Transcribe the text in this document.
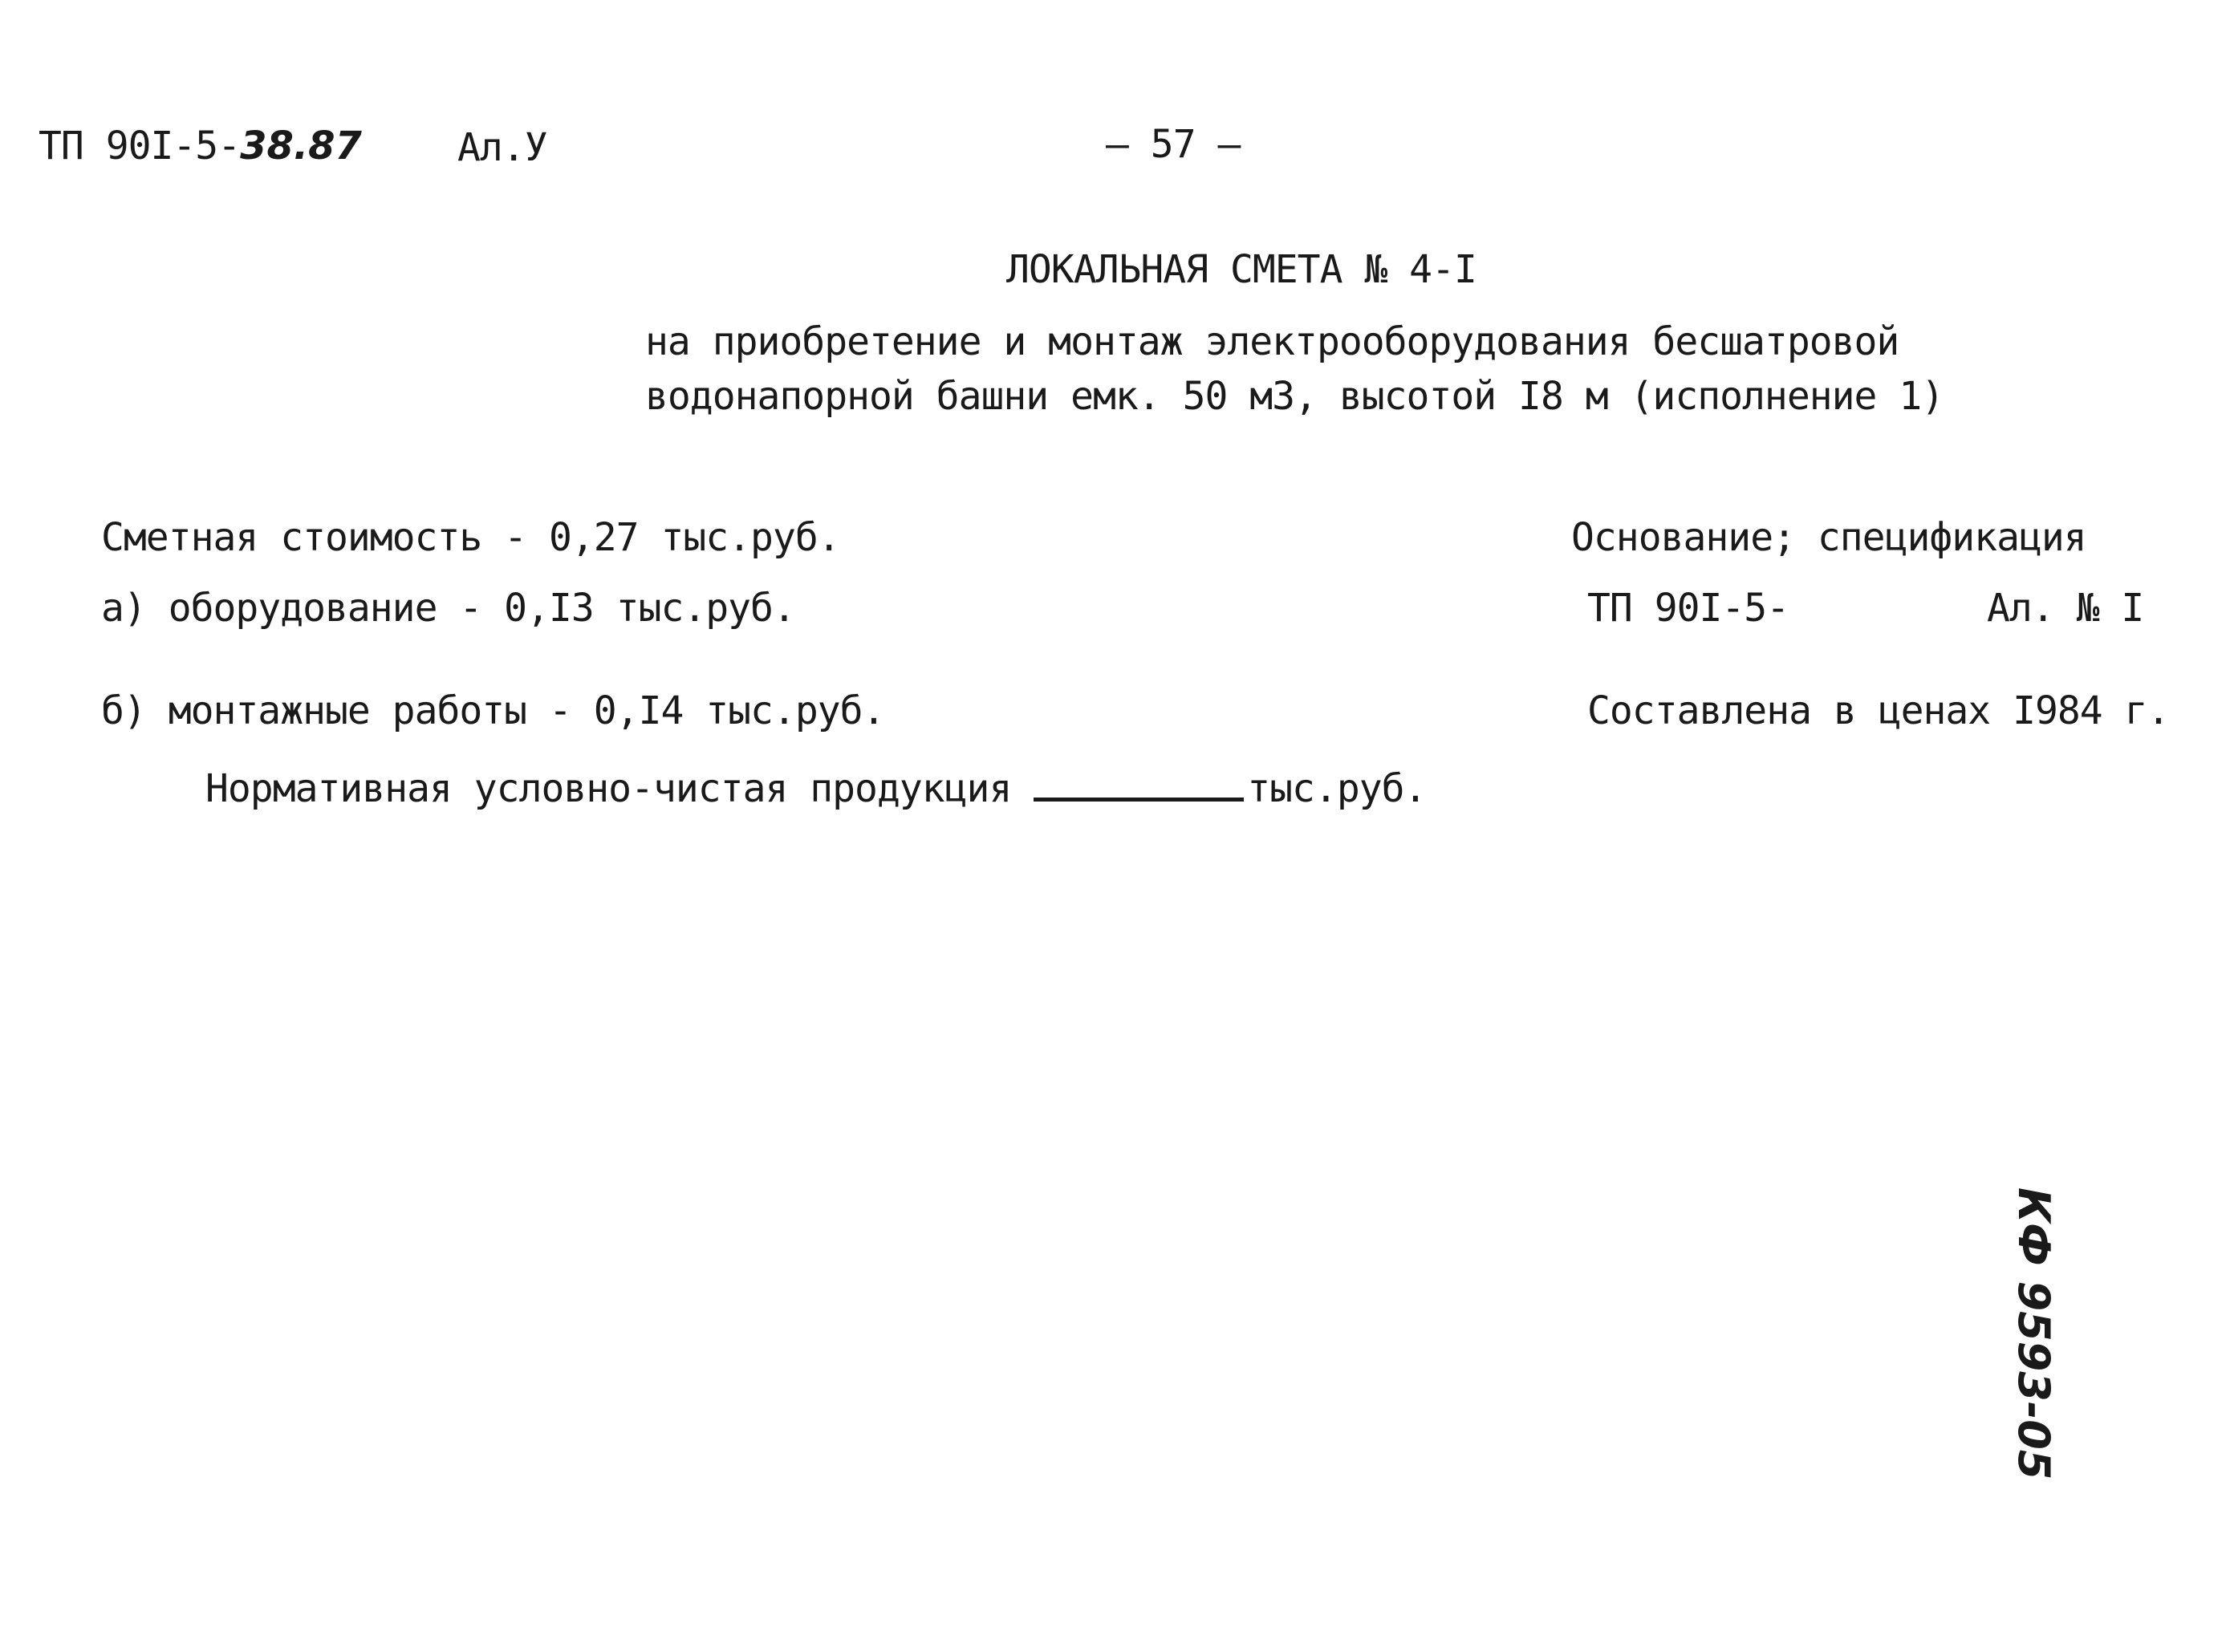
ТП 90I-5-38.87 Ал.У	— 57 —
ЛОКАЛЬНАЯ СМЕТА № 4-I
на приобретение и монтаж электрооборудования бесшатровой
водонапорной башни емк. 50 м3, высотой I8 м (исполнение 1)
Сметная стоимость - 0,27 тыс.руб.
а) оборудование - 0,I3 тыс.руб.
б) монтажные работы - 0,I4 тыс.руб.
Нормативная условно-чистая продукция	тыс.руб.
Основание; спецификация
ТП 90I-5-	Ал. № I
Составлена в ценах I984 г.
КФ 9593-05
